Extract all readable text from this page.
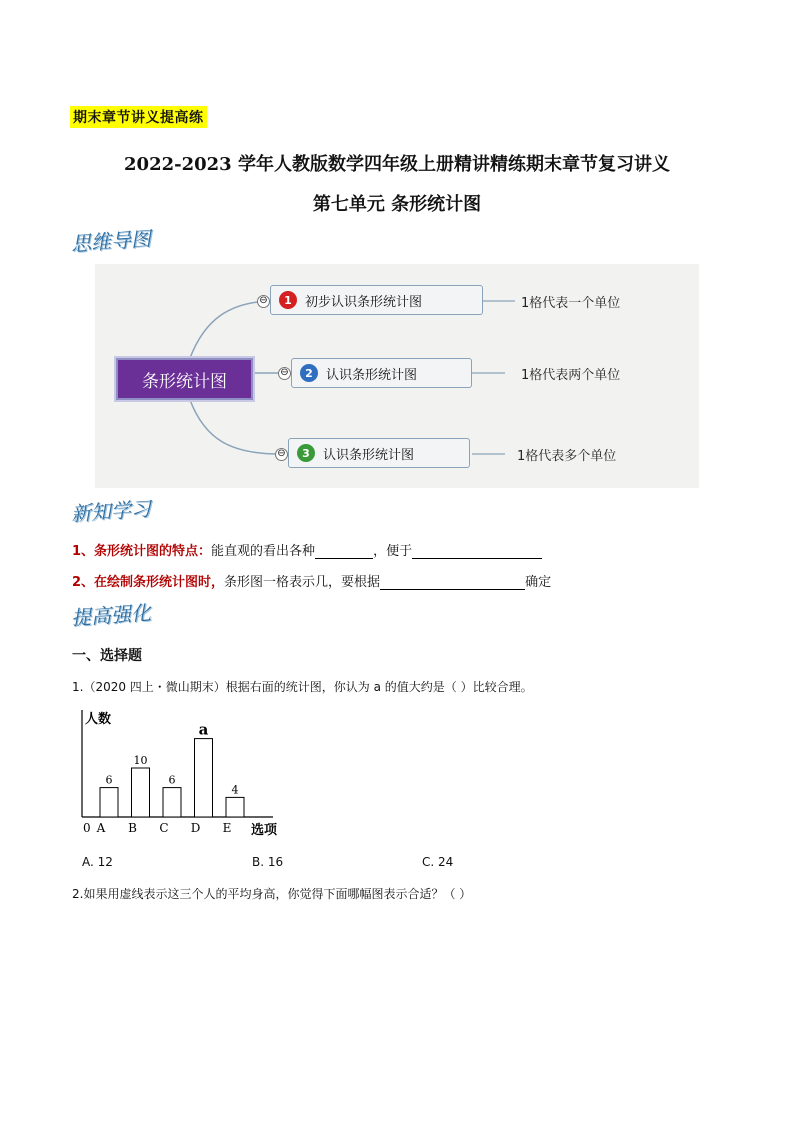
期末章节讲义提高练
2022-2023 学年人教版数学四年级上册精讲精练期末章节复习讲义
第七单元 条形统计图
思维导图
条形统计图
⊖	1	初步认识条形统计图	1格代表一个单位
⊖	2	认识条形统计图	1格代表两个单位
⊖	3	认识条形统计图	1格代表多个单位
新知学习
1、条形统计图的特点：能直观的看出各种	，便于
2、在绘制条形统计图时，条形图一格表示几，要根据	确定
提高强化
一、选择题
1.（2020 四上・微山期末）根据右面的统计图，你认为 a 的值大约是（ ）比较合理。
人数
0	选项
6
A
10
B
6
C
a
D
4
E
A. 12	B. 16	C. 24
2.如果用虚线表示这三个人的平均身高，你觉得下面哪幅图表示合适？（ ）
